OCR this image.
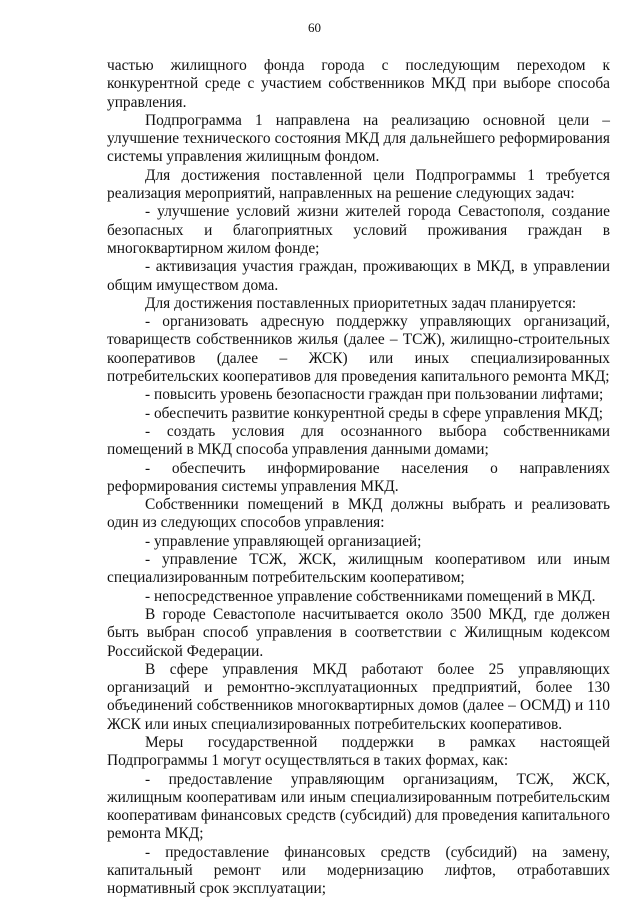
60

частью жилищного фонда города с последующим переходом к конкурентной среде с участием собственников МКД при выборе способа управления.

Подпрограмма 1 направлена на реализацию основной цели – улучшение технического состояния МКД для дальнейшего реформирования системы управления жилищным фондом.

Для достижения поставленной цели Подпрограммы 1 требуется реализация мероприятий, направленных на решение следующих задач:

- улучшение условий жизни жителей города Севастополя, создание безопасных и благоприятных условий проживания граждан в многоквартирном жилом фонде;

- активизация участия граждан, проживающих в МКД, в управлении общим имуществом дома.

Для достижения поставленных приоритетных задач планируется:

- организовать адресную поддержку управляющих организаций, товариществ собственников жилья (далее – ТСЖ), жилищно-строительных кооперативов (далее – ЖСК) или иных специализированных потребительских кооперативов для проведения капитального ремонта МКД;

- повысить уровень безопасности граждан при пользовании лифтами;

- обеспечить развитие конкурентной среды в сфере управления МКД;

- создать условия для осознанного выбора собственниками помещений в МКД способа управления данными домами;

- обеспечить информирование населения о направлениях реформирования системы управления МКД.

Собственники помещений в МКД должны выбрать и реализовать один из следующих способов управления:

- управление управляющей организацией;

- управление ТСЖ, ЖСК, жилищным кооперативом или иным специализированным потребительским кооперативом;

- непосредственное управление собственниками помещений в МКД.

В городе Севастополе насчитывается около 3500 МКД, где должен быть выбран способ управления в соответствии с Жилищным кодексом Российской Федерации.

В сфере управления МКД работают более 25 управляющих организаций и ремонтно-эксплуатационных предприятий, более 130 объединений собственников многоквартирных домов (далее – ОСМД) и 110 ЖСК или иных специализированных потребительских кооперативов.

Меры государственной поддержки в рамках настоящей Подпрограммы 1 могут осуществляться в таких формах, как:

- предоставление управляющим организациям, ТСЖ, ЖСК, жилищным кооперативам или иным специализированным потребительским кооперативам финансовых средств (субсидий) для проведения капитального ремонта МКД;

- предоставление финансовых средств (субсидий) на замену, капитальный ремонт или модернизацию лифтов, отработавших нормативный срок эксплуатации;
